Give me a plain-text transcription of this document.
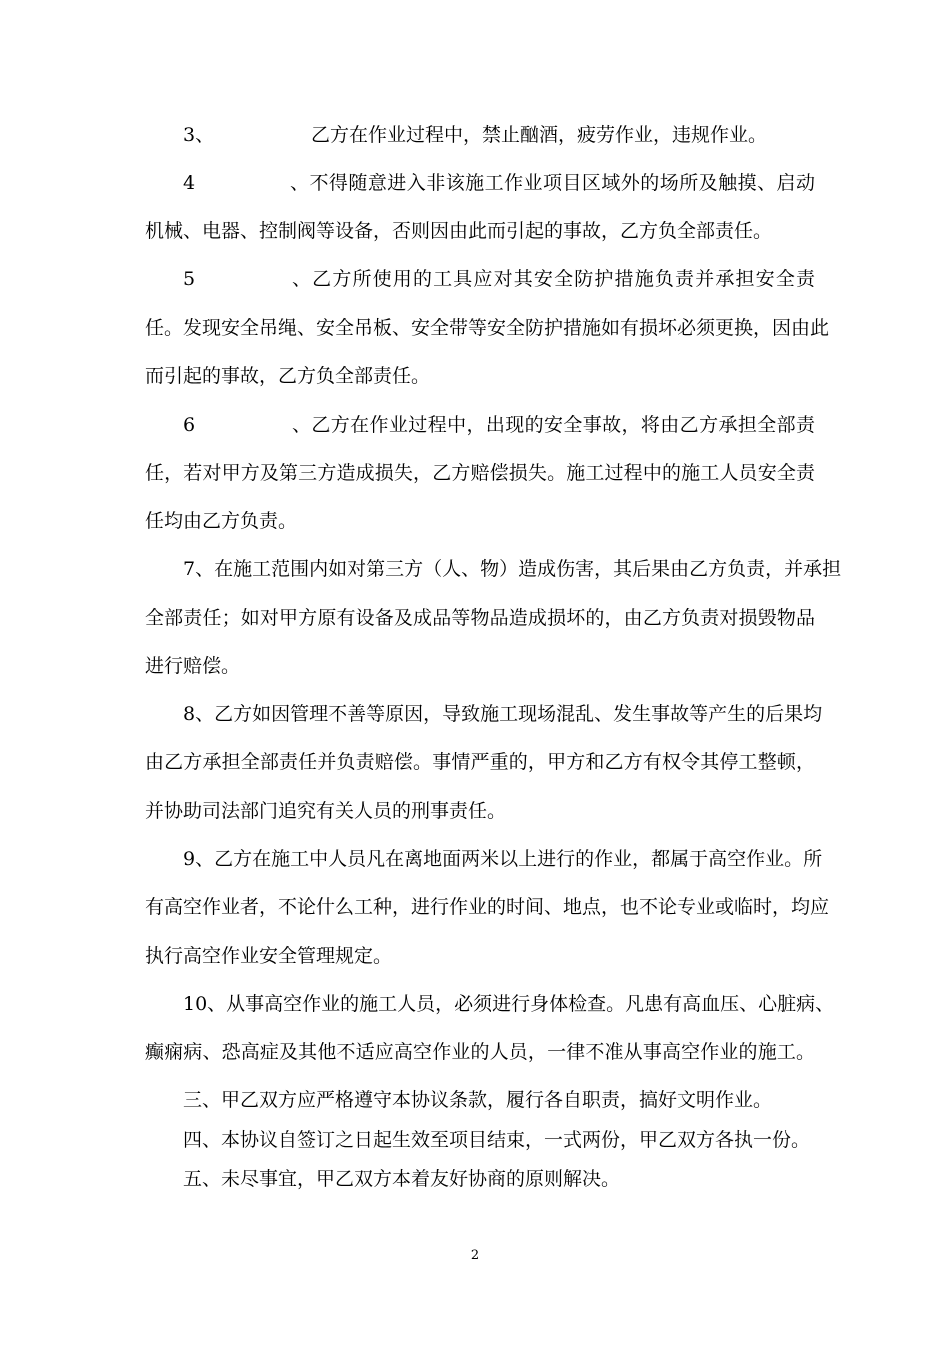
3、	乙方在作业过程中，禁止酗酒，疲劳作业，违规作业。
4、不得随意进入非该施工作业项目区域外的场所及触摸、启动
机械、电器、控制阀等设备，否则因由此而引起的事故，乙方负全部责任。
5、乙方所使用的工具应对其安全防护措施负责并承担安全责
任。发现安全吊绳、安全吊板、安全带等安全防护措施如有损坏必须更换，因由此
而引起的事故，乙方负全部责任。
6、乙方在作业过程中，出现的安全事故，将由乙方承担全部责
任，若对甲方及第三方造成损失，乙方赔偿损失。施工过程中的施工人员安全责
任均由乙方负责。
7、在施工范围内如对第三方（人、物）造成伤害，其后果由乙方负责，并承担
全部责任；如对甲方原有设备及成品等物品造成损坏的，由乙方负责对损毁物品
进行赔偿。
8、乙方如因管理不善等原因，导致施工现场混乱、发生事故等产生的后果均
由乙方承担全部责任并负责赔偿。事情严重的，甲方和乙方有权令其停工整顿，
并协助司法部门追究有关人员的刑事责任。
9、乙方在施工中人员凡在离地面两米以上进行的作业，都属于高空作业。所
有高空作业者，不论什么工种，进行作业的时间、地点，也不论专业或临时，均应
执行高空作业安全管理规定。
10、从事高空作业的施工人员，必须进行身体检查。凡患有高血压、心脏病、
癫痫病、恐高症及其他不适应高空作业的人员，一律不准从事高空作业的施工。
三、甲乙双方应严格遵守本协议条款，履行各自职责，搞好文明作业。
四、本协议自签订之日起生效至项目结束，一式两份，甲乙双方各执一份。
五、未尽事宜，甲乙双方本着友好协商的原则解决。
2
